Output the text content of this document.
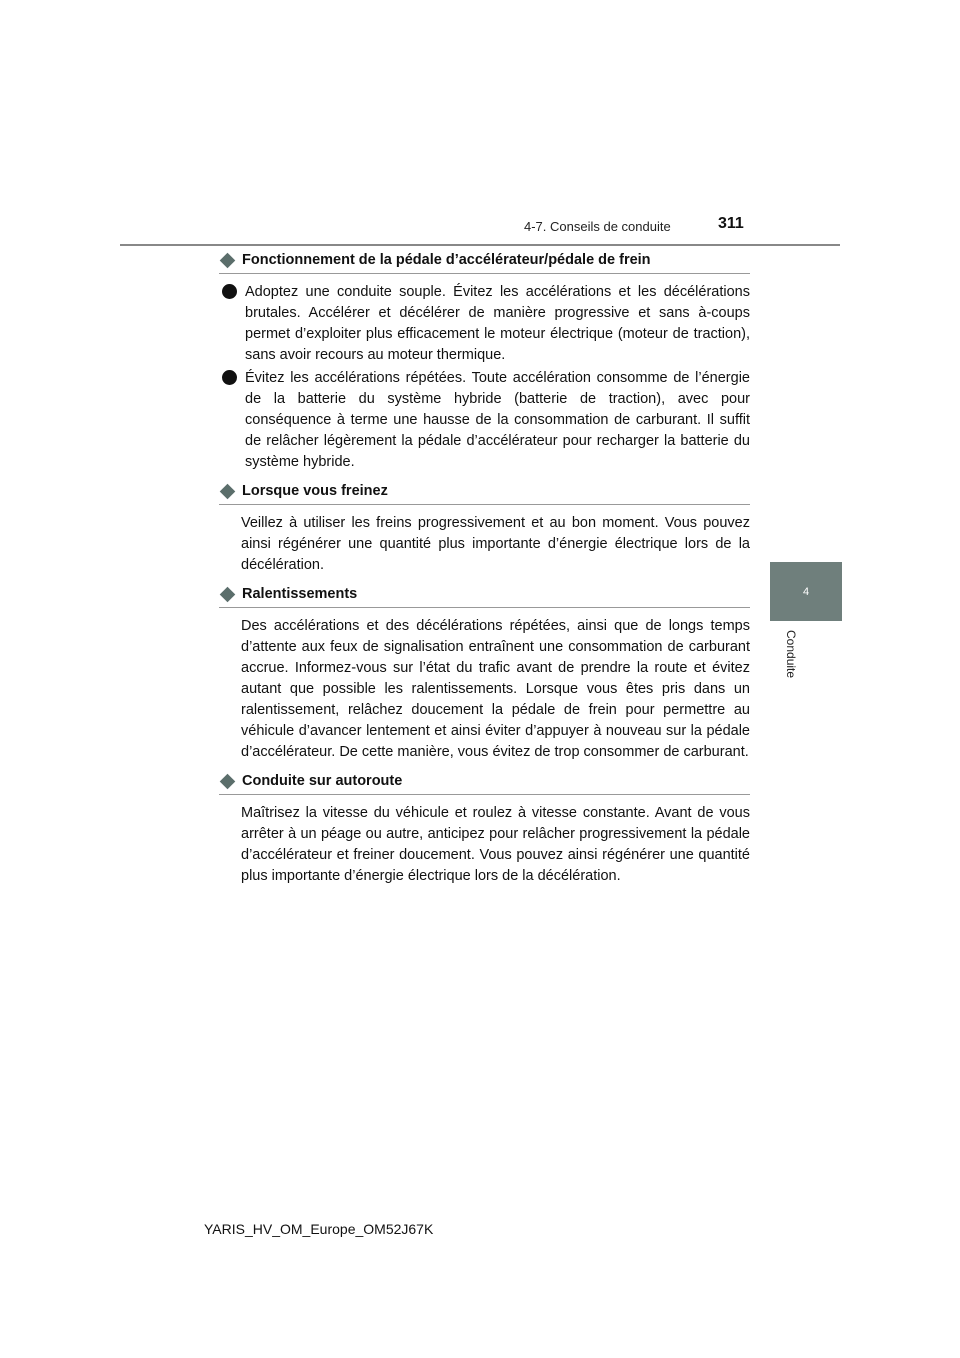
4-7. Conseils de conduite	311
4
Conduite
Fonctionnement de la pédale d’accélérateur/pédale de frein
Adoptez une conduite souple. Évitez les accélérations et les décélérations brutales. Accélérer et décélérer de manière progressive et sans à-coups permet d’exploiter plus efficacement le moteur électrique (moteur de traction), sans avoir recours au moteur thermique.
Évitez les accélérations répétées. Toute accélération consomme de l’énergie de la batterie du système hybride (batterie de traction), avec pour conséquence à terme une hausse de la consommation de carburant. Il suffit de relâcher légèrement la pédale d’accélérateur pour recharger la batterie du système hybride.
Lorsque vous freinez
Veillez à utiliser les freins progressivement et au bon moment. Vous pouvez ainsi régénérer une quantité plus importante d’énergie électrique lors de la décélération.
Ralentissements
Des accélérations et des décélérations répétées, ainsi que de longs temps d’attente aux feux de signalisation entraînent une consommation de carburant accrue. Informez-vous sur l’état du trafic avant de prendre la route et évitez autant que possible les ralentissements. Lorsque vous êtes pris dans un ralentissement, relâchez doucement la pédale de frein pour permettre au véhicule d’avancer lentement et ainsi éviter d’appuyer à nouveau sur la pédale d’accélérateur. De cette manière, vous évitez de trop consommer de carburant.
Conduite sur autoroute
Maîtrisez la vitesse du véhicule et roulez à vitesse constante. Avant de vous arrêter à un péage ou autre, anticipez pour relâcher progressivement la pédale d’accélérateur et freiner doucement. Vous pouvez ainsi régénérer une quantité plus importante d’énergie électrique lors de la décélération.
YARIS_HV_OM_Europe_OM52J67K
